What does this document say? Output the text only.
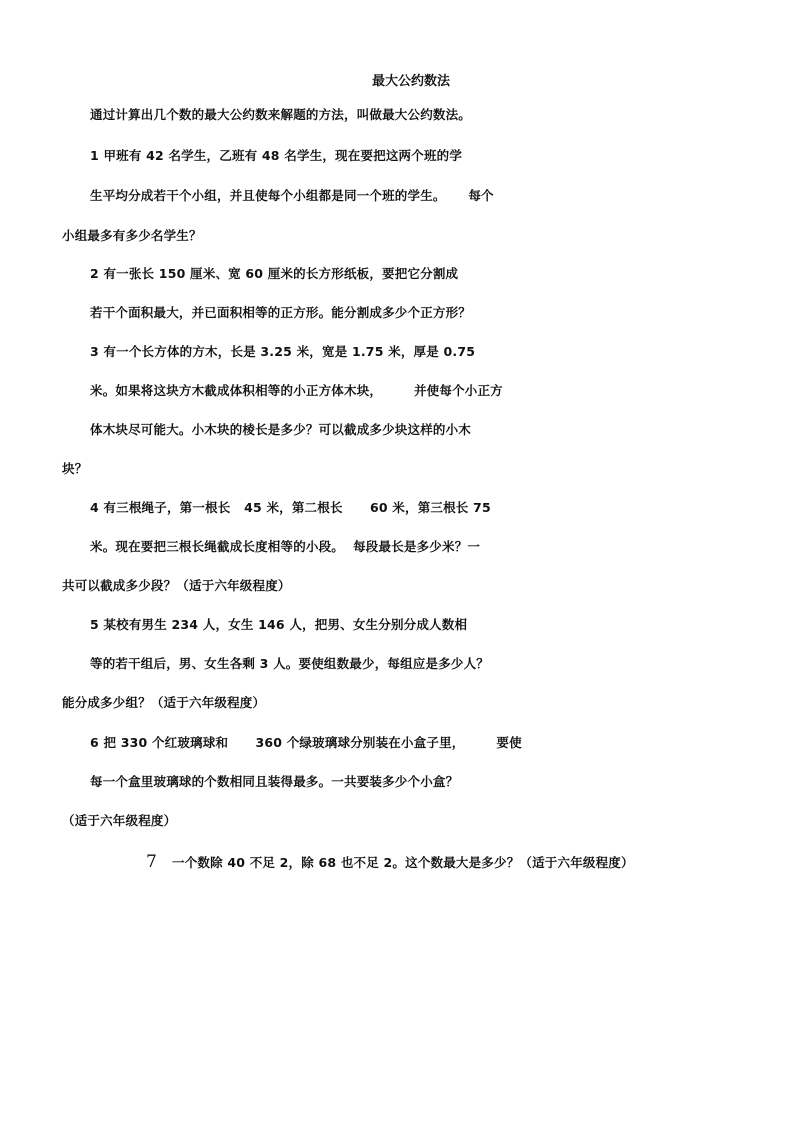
最大公约数法
通过计算出几个数的最大公约数来解题的方法，叫做最大公约数法。
1 甲班有 42 名学生，乙班有 48 名学生，现在要把这两个班的学
生平均分成若干个小组，并且使每个小组都是同一个班的学生。     每个
小组最多有多少名学生？
2 有一张长 150 厘米、宽 60 厘米的长方形纸板，要把它分割成
若干个面积最大，并已面积相等的正方形。能分割成多少个正方形？
3 有一个长方体的方木，长是 3.25 米，宽是 1.75 米，厚是 0.75
米。如果将这块方木截成体积相等的小正方体木块，       并使每个小正方
体木块尽可能大。小木块的棱长是多少？可以截成多少块这样的小木
块？
4 有三根绳子，第一根长   45 米，第二根长      60 米，第三根长 75
米。现在要把三根长绳截成长度相等的小段。  每段最长是多少米？一
共可以截成多少段？（适于六年级程度）
5 某校有男生 234 人，女生 146 人，把男、女生分别分成人数相
等的若干组后，男、女生各剩 3 人。要使组数最少，每组应是多少人？
能分成多少组？（适于六年级程度）
6 把 330 个红玻璃球和      360 个绿玻璃球分别装在小盒子里，       要使
每一个盒里玻璃球的个数相同且装得最多。一共要装多少个小盒？
（适于六年级程度）
7 一个数除 40 不足 2，除 68 也不足 2。这个数最大是多少？（适于六年级程度）
